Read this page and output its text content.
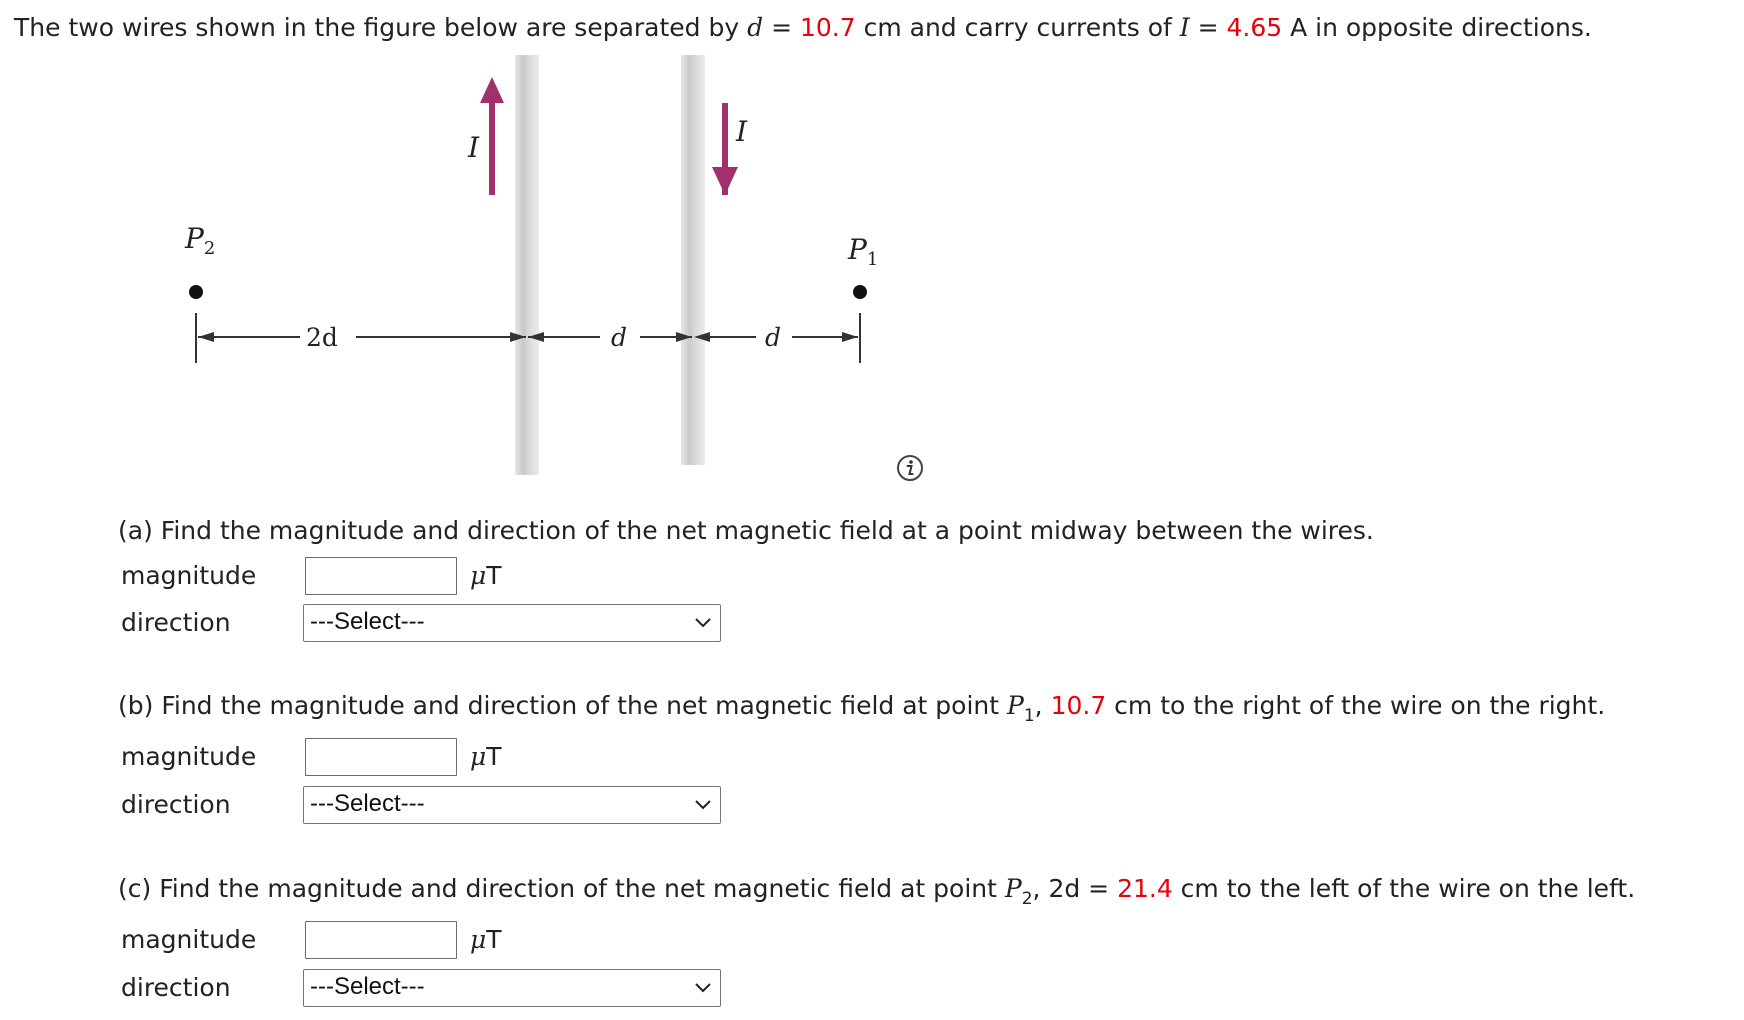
The two wires shown in the figure below are separated by d = 10.7 cm and carry currents of I = 4.65 A in opposite directions.
I	I
$P_2$	$P_1$
2d	d	d
(a) Find the magnitude and direction of the net magnetic field at a point midway between the wires.
magnitude	μT
direction	---Select---
(b) Find the magnitude and direction of the net magnetic field at point $P_1$, 10.7 cm to the right of the wire on the right.
magnitude	μT
direction	---Select---
(c) Find the magnitude and direction of the net magnetic field at point $P_2$, 2d = 21.4 cm to the left of the wire on the left.
magnitude	μT
direction	---Select---
